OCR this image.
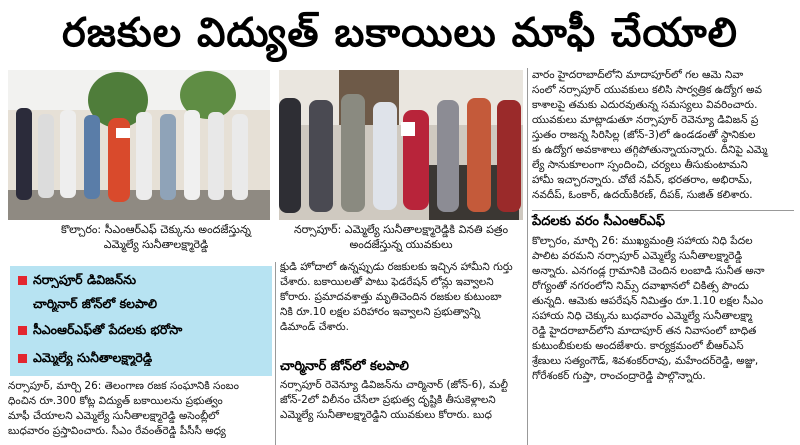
రజకుల విద్యుత్ బకాయిలు మాఫీ చేయాలి
కొల్చారం: సీఎంఆర్ఎఫ్ చెక్కును అందజేస్తున్న
ఎమ్మెల్యే సునీతాలక్ష్మారెడ్డి
నర్సాపూర్: ఎమ్మెల్యే సునీతాలక్ష్మారెడ్డికి వినతి పత్రం
అందజేస్తున్న యువకులు
నర్సాపూర్ డివిజన్‌ను
చార్మినార్ జోన్‌లో కలపాలి
సీఎంఆర్ఎఫ్‌తో పేదలకు భరోసా
ఎమ్మెల్యే సునీతాలక్ష్మారెడ్డి

నర్సాపూర్, మార్చి 26: తెలంగాణ రజక సంఘానికి సంబం

ధించిన రూ.300 కోట్ల విద్యుత్ బకాయిలను ప్రభుత్వం

మాఫీ చేయాలని ఎమ్మెల్యే సునీతాలక్ష్మారెడ్డి అసెంబ్లీలో

బుధవారం ప్రస్తావించారు. సీఎం రేవంత్‌రెడ్డి పీసీసీ అధ్య

క్షుడి హోదాలో ఉన్నప్పుడు రజకులకు ఇచ్చిన హామీని గుర్తు

చేశారు. బకాయిలతో పాటు ఫెడరేషన్ లోన్లు ఇవ్వాలని

కోరారు. ప్రమాదవశాత్తు మృతిచెందిన రజకుల కుటుంబా

నికి రూ.10 లక్షల పరిహారం ఇవ్వాలని ప్రభుత్వాన్ని

డిమాండ్ చేశారు.

చార్మినార్ జోన్‌లో కలపాలి

నర్సాపూర్ రెవెన్యూ డివిజన్‌ను చార్మినార్ (జోన్-6), మల్టీ

జోన్-2లో విలీనం చేసేలా ప్రభుత్వ దృష్టికి తీసుకెళ్లాలని

ఎమ్మెల్యే సునీతాలక్ష్మారెడ్డిని యువకులు కోరారు. బుధ

వారం హైదరాబాద్‌లోని మాదాపూర్‌లో గల ఆమె నివా

సంలో నర్సాపూర్ యువకులు కలిసి సార్వత్రిక ఉద్యోగ అవ

కాశాలపై తమకు ఎదురవుతున్న సమస్యలు వివరించారు.

యువకులు మాట్లాడుతూ నర్సాపూర్ రెవెన్యూ డివిజన్ ప్ర

స్తుతం రాజన్న సిరిసిల్ల (జోన్-3)లో ఉండడంతో స్థానికుల

కు ఉద్యోగ అవకాశాలు తగ్గిపోతున్నాయన్నారు. దీనిపై ఎమ్మె

ల్యే సానుకూలంగా స్పందించి, చర్యలు తీసుకుంటామని

హామీ ఇచ్చారన్నారు. చోటే నవీన్, భరతరాం, అభిరామ్,

నవదీప్, ఓంకార్, ఉదయ్‌కిరణ్, దీపక్, సుజిత్ కలిశారు.

పేదలకు వరం సీఎంఆర్ఎఫ్

కొల్చారం, మార్చి 26: ముఖ్యమంత్రి సహాయ నిధి పేదల

పాలిట వరమని నర్సాపూర్ ఎమ్మెల్యే సునీతాలక్ష్మారెడ్డి

అన్నారు. ఎనగండ్ల గ్రామానికి చెందిన లంబాడి సునీత అనా

రోగ్యంతో నగరంలోని నిమ్స్ దవాఖానలో చికిత్స పొందు

తున్నది. ఆమెకు ఆపరేషన్ నిమిత్తం రూ.1.10 లక్షల సీఎం

సహాయ నిధి చెక్కును బుధవారం ఎమ్మెల్యే సునీతాలక్ష్మా

రెడ్డి హైదరాబాద్‌లోని మాదాపూర్ తన నివాసంలో బాధిత

కుటుంబీకులకు అందజేశారు. కార్యక్రమంలో బీఆర్ఎస్

శ్రేణులు సత్యంగౌడ్, శివశంకర్‌రావు, మహేందర్‌రెడ్డి, అజ్జు,

గోరేశంకర్ గుప్తా, రాంచంద్రారెడ్డి పాల్గొన్నారు.
